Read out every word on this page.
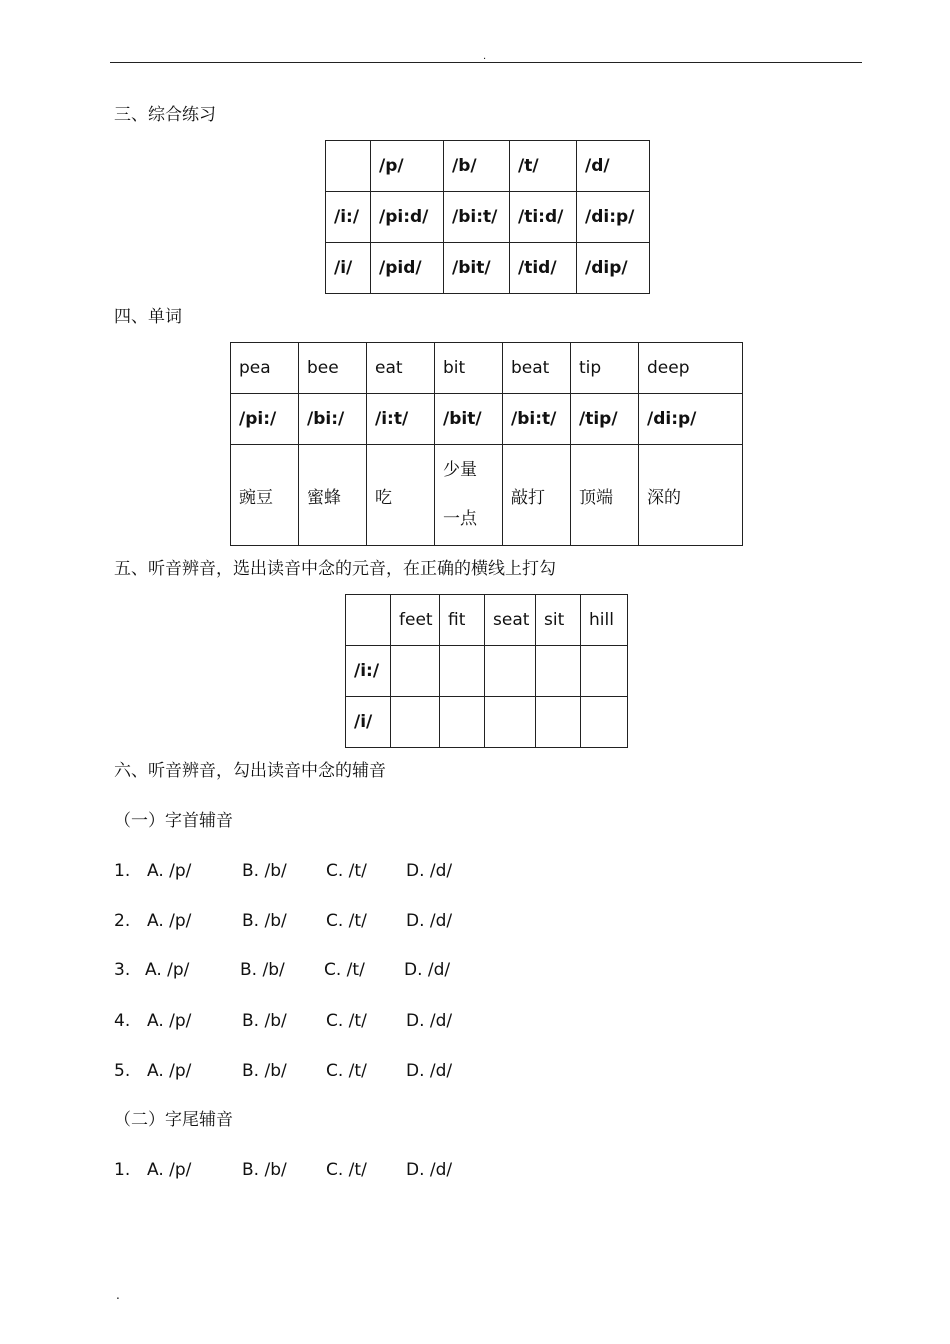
.
三、综合练习
	/p/	/b/	/t/	/d/
/i:/	/pi:d/	/bi:t/	/ti:d/	/di:p/
/i/	/pid/	/bit/	/tid/	/dip/
四、单词
pea	bee	eat	bit	beat	tip	deep
/pi:/	/bi:/	/i:t/	/bit/	/bi:t/	/tip/	/di:p/
豌豆	蜜蜂	吃	少量一点	敲打	顶端	深的
五、听音辨音，选出读音中念的元音，在正确的横线上打勾
	feet	fit	seat	sit	hill
/i:/					
/i/					
六、听音辨音，勾出读音中念的辅音
（一）字首辅音
1. A. /p/	B. /b/ C. /t/ D. /d/
2. A. /p/	B. /b/ C. /t/ D. /d/
3. A. /p/	B. /b/ C. /t/ D. /d/
4. A. /p/	B. /b/ C. /t/ D. /d/
5. A. /p/	B. /b/ C. /t/ D. /d/
（二）字尾辅音
1. A. /p/	B. /b/ C. /t/ D. /d/
.
